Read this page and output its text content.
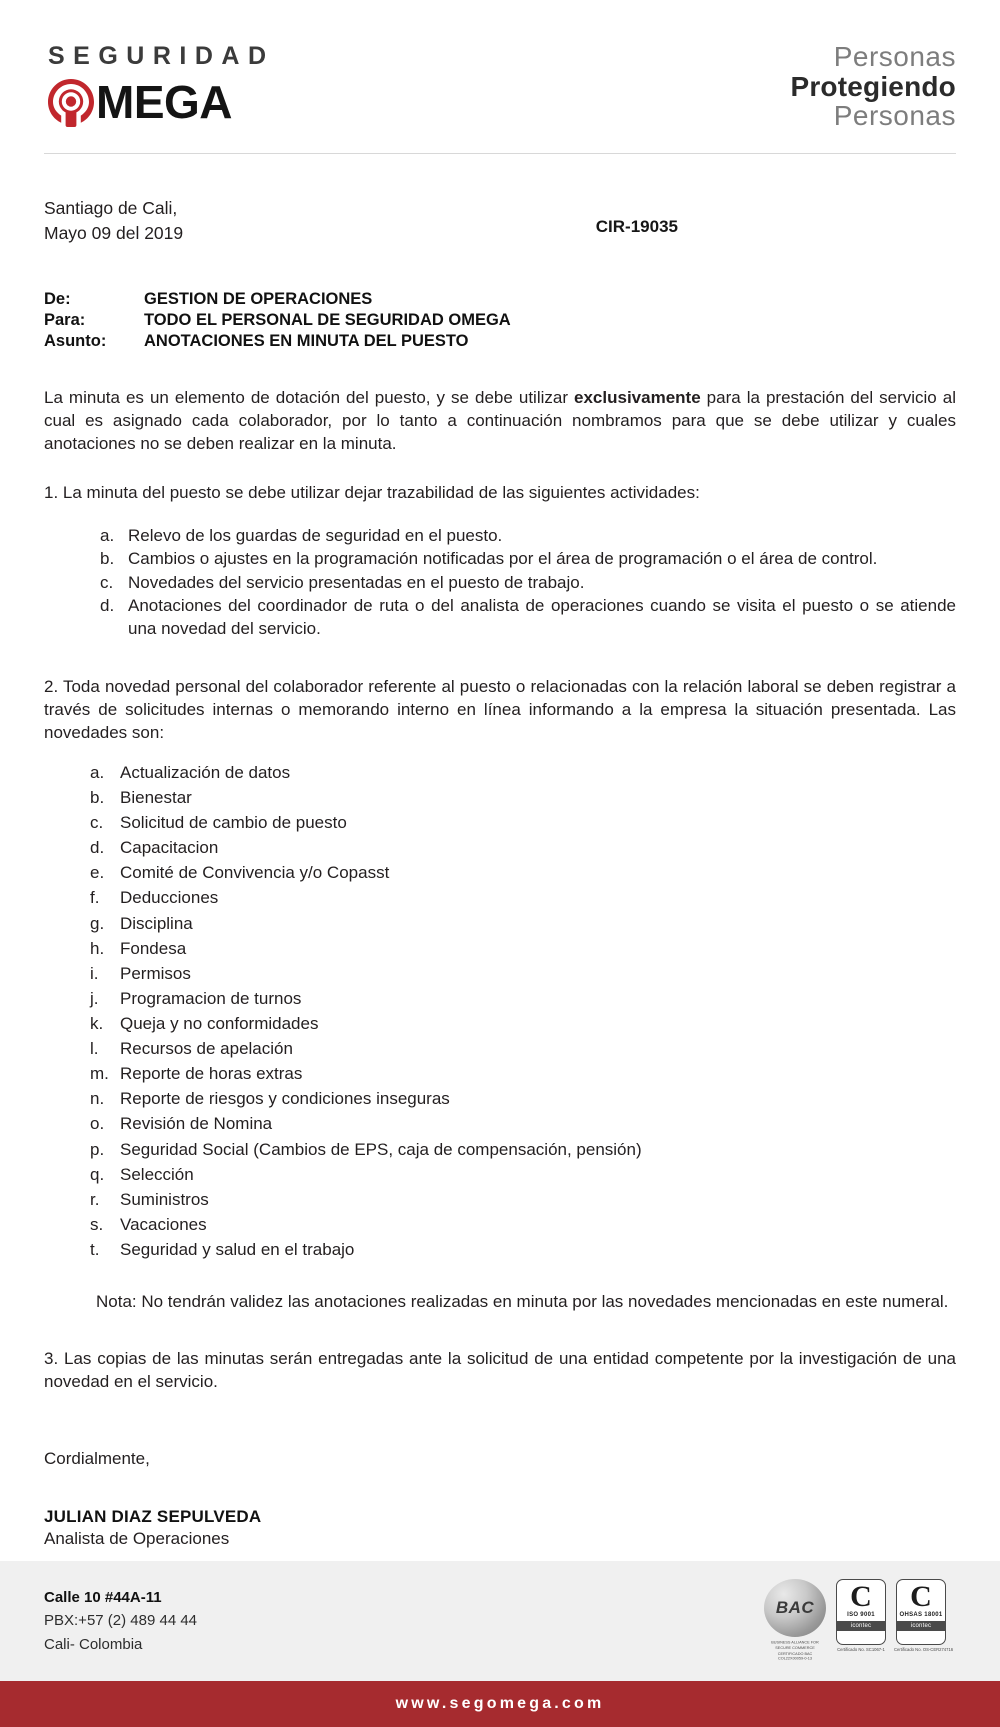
SEGURIDAD
MEGA
Personas
Protegiendo
Personas
Santiago de Cali,
Mayo 09 del 2019	CIR-19035
De:	GESTION DE OPERACIONES
Para:	TODO EL PERSONAL DE SEGURIDAD OMEGA
Asunto:	ANOTACIONES EN MINUTA DEL PUESTO

La minuta es un elemento de dotación del puesto, y se debe utilizar exclusivamente para la prestación del servicio al cual es asignado cada colaborador, por lo tanto a continuación nombramos para que se debe utilizar y cuales anotaciones no se deben realizar en la minuta.

1. La minuta del puesto se debe utilizar dejar trazabilidad de las siguientes actividades:

a. Relevo de los guardas de seguridad en el puesto.
b. Cambios o ajustes en la programación notificadas por el área de programación o el área de control.
c. Novedades del servicio presentadas en el puesto de trabajo.
d. Anotaciones del coordinador de ruta o del analista de operaciones cuando se visita el puesto o se atiende una novedad del servicio.

2. Toda novedad personal del colaborador referente al puesto o relacionadas con la relación laboral se deben registrar a través de solicitudes internas o memorando interno en línea informando a la empresa la situación presentada. Las novedades son:

a. Actualización de datos
b. Bienestar
c. Solicitud de cambio de puesto
d. Capacitacion
e. Comité de Convivencia y/o Copasst
f.	Deducciones
g. Disciplina
h. Fondesa
i.	Permisos
j.	Programacion de turnos
k. Queja y no conformidades
l.	Recursos de apelación
m. Reporte de horas extras
n. Reporte de riesgos y condiciones inseguras
o. Revisión de Nomina
p. Seguridad Social (Cambios de EPS, caja de compensación, pensión)
q. Selección
r.	Suministros
s. Vacaciones
t.	Seguridad y salud en el trabajo

Nota: No tendrán validez las anotaciones realizadas en minuta por las novedades mencionadas en este numeral.

3. Las copias de las minutas serán entregadas ante la solicitud de una entidad competente por la investigación de una novedad en el servicio.

Cordialmente,

JULIAN DIAZ SEPULVEDA
Analista de Operaciones
Calle 10 #44A-11
PBX:+57 (2) 489 44 44
Cali- Colombia
BAC
BUSINESS ALLIANCE FOR SECURE COMMERCE
CERTIFICADO BAC
COL22X00059-0-13
C
ISO 9001
icontec
Certificado No. SC1067-1
C
OHSAS 18001
icontec
Certificado No. OS-CER274716
www.segomega.com
